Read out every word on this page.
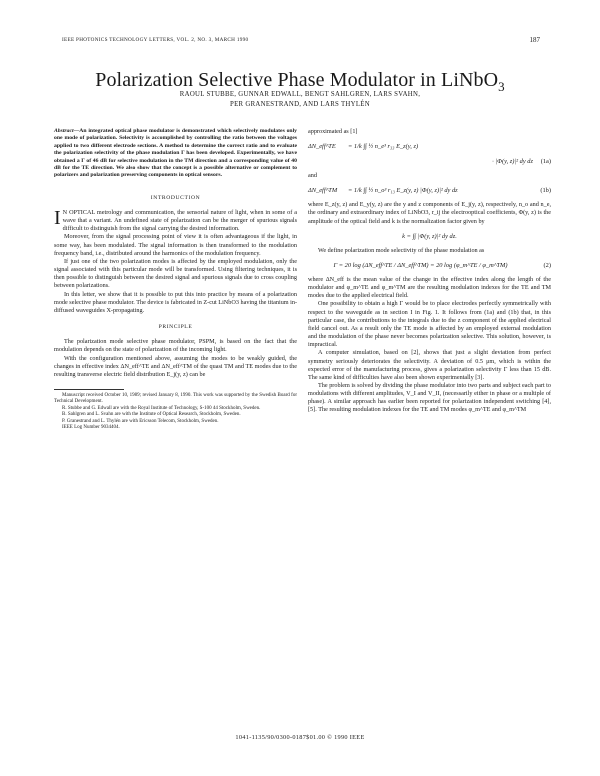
IEEE PHOTONICS TECHNOLOGY LETTERS, VOL. 2, NO. 3, MARCH 1990	187
Polarization Selective Phase Modulator in LiNbO$_3$
RAOUL STUBBE, GUNNAR EDWALL, BENGT SAHLGREN, LARS SVAHN,
PER GRANESTRAND, AND LARS THYLÉN
Abstract—An integrated optical phase modulator is demonstrated which selectively modulates only one mode of polarization. Selectivity is accomplished by controlling the ratio between the voltages applied to two different electrode sections. A method to determine the correct ratio and to evaluate the polarization selectivity of the phase modulation Γ has been developed. Experimentally, we have obtained a Γ of 46 dB for selective modulation in the TM direction and a corresponding value of 40 dB for the TE direction. We also show that the concept is a possible alternative or complement to polarizers and polarization preserving components in optical sensors.
INTRODUCTION

I N OPTICAL metrology and communication, the sensorial nature of light, when in some of a wave that a variant. An undefined state of polarization can be the merger of spurious signals difficult to distinguish from the signal carrying the desired information.

Moreover, from the signal processing point of view it is often advantageous if the light, in some way, has been modulated. The signal information is then transformed to the modulation frequency band, i.e., distributed around the harmonics of the modulation frequency.

If just one of the two polarization modes is affected by the employed modulation, only the signal associated with this particular mode will be transformed. Using filtering techniques, it is then possible to distinguish between the desired signal and spurious signals due to cross coupling between polarizations.

In this letter, we show that it is possible to put this into practice by means of a polarization mode selective phase modulator. The device is fabricated in Z-cut LiNbO3 having the titanium in-diffused waveguides X-propagating.

PRINCIPLE

The polarization mode selective phase modulator, PSPM, is based on the fact that the modulation depends on the state of polarization of the incoming light.

With the configuration mentioned above, assuming the modes to be weakly guided, the changes in effective index ΔN_eff^TE and ΔN_eff^TM of the quasi TM and TE modes due to the resulting transverse electric field distribution E_j(y, z) can be

Manuscript received October 10, 1989; revised January 8, 1990. This work was supported by the Swedish Board for Technical Development.
R. Stubbe and G. Edwall are with the Royal Institute of Technology, S-100 44 Stockholm, Sweden.
B. Sahlgren and L. Svahn are with the Institute of Optical Research, Stockholm, Sweden.
P. Granestrand and L. Thylén are with Ericsson Telecom, Stockholm, Sweden.
IEEE Log Number 9034404.

approximated as [1]

ΔN_eff^TE	= 1/k ∫∫ ½ n_e³ r₃₃ E_z(y, z)
· |Φ(y, z)|² dy dz	(1a)

and

ΔN_eff^TM	= 1/k ∫∫ ½ n_o³ r₁₃ E_z(y, z) |Φ(y, z)|² dy dz	(1b)

where E_z(y, z) and E_y(y, z) are the y and z components of E_j(y, z), respectively, n_o and n_e, the ordinary and extraordinary index of LiNbO3, r_ij the electrooptical coefficients, Φ(y, z) is the amplitude of the optical field and k is the normalization factor given by

k = ∫∫ |Φ(y, z)|² dy dz.

We define polarization mode selectivity of the phase modulation as

Γ = 20 log (ΔN_eff^TE / ΔN_eff^TM) = 20 log (φ_m^TE / φ_m^TM)	(2)

where ΔN_eff is the mean value of the change in the effective index along the length of the modulator and φ_m^TE and φ_m^TM are the resulting modulation indexes for the TE and TM modes due to the applied electrical field.

One possibility to obtain a high Γ would be to place electrodes perfectly symmetrically with respect to the waveguide as in section I in Fig. 1. It follows from (1a) and (1b) that, in this particular case, the contributions to the integrals due to the z component of the applied electrical field cancel out. As a result only the TE mode is affected by an employed external modulation and the modulation of the phase never becomes polarization selective. This solution, however, is impractical.

A computer simulation, based on [2], shows that just a slight deviation from perfect symmetry seriously deteriorates the selectivity. A deviation of 0.5 μm, which is within the expected error of the manufacturing process, gives a polarization selectivity Γ less than 15 dB. The same kind of difficulties have also been shown experimentally [3].

The problem is solved by dividing the phase modulator into two parts and subject each part to modulations with different amplitudes, V_I and V_II, (necessarily either in phase or a multiple of phase). A similar approach has earlier been reported for polarization independent switching [4], [5]. The resulting modulation indexes for the TE and TM modes φ_m^TE and φ_m^TM

1041-1135/90/0300-0187$01.00 © 1990 IEEE
